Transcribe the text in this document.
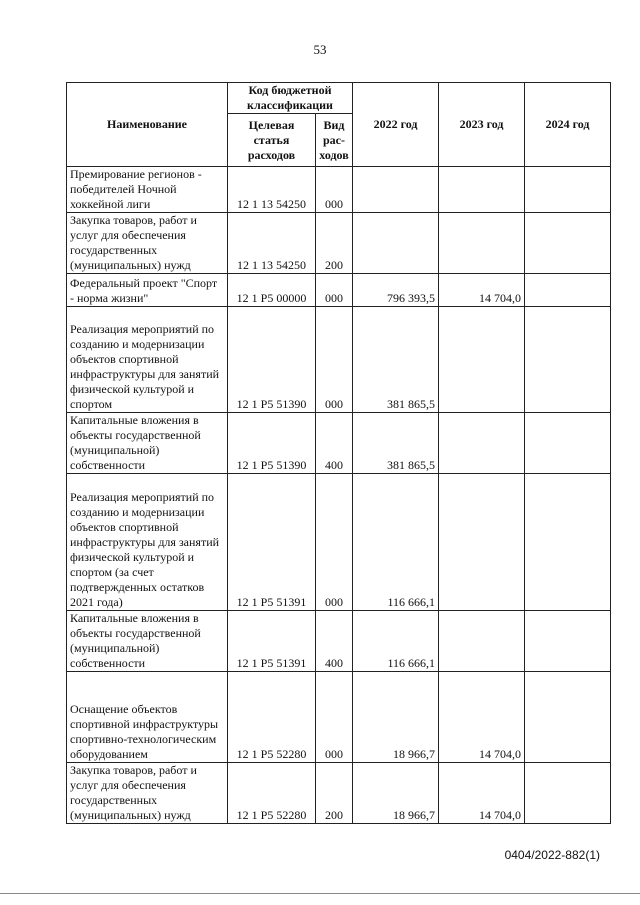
53
Наименование	Код бюджетной классификации		2022 год	2023 год	2024 год
	Целевая статья расходов	Вид рас-ходов			
Премирование регионов - победителей Ночной хоккейной лиги	12 1 13 54250	000			
Закупка товаров, работ и услуг для обеспечения государственных (муниципальных) нужд	12 1 13 54250	200			
Федеральный проект "Спорт - норма жизни"	12 1 P5 00000	000	796 393,5	14 704,0	
Реализация мероприятий по созданию и модернизации объектов спортивной инфраструктуры для занятий физической культурой и спортом	12 1 P5 51390	000	381 865,5		
Капитальные вложения в объекты государственной (муниципальной) собственности	12 1 P5 51390	400	381 865,5		
Реализация мероприятий по созданию и модернизации объектов спортивной инфраструктуры для занятий физической культурой и спортом (за счет подтвержденных остатков 2021 года)	12 1 P5 51391	000	116 666,1		
Капитальные вложения в объекты государственной (муниципальной) собственности	12 1 P5 51391	400	116 666,1		
Оснащение объектов спортивной инфраструктуры спортивно-технологическим оборудованием	12 1 P5 52280	000	18 966,7	14 704,0	
Закупка товаров, работ и услуг для обеспечения государственных (муниципальных) нужд	12 1 P5 52280	200	18 966,7	14 704,0	
0404/2022-882(1)
